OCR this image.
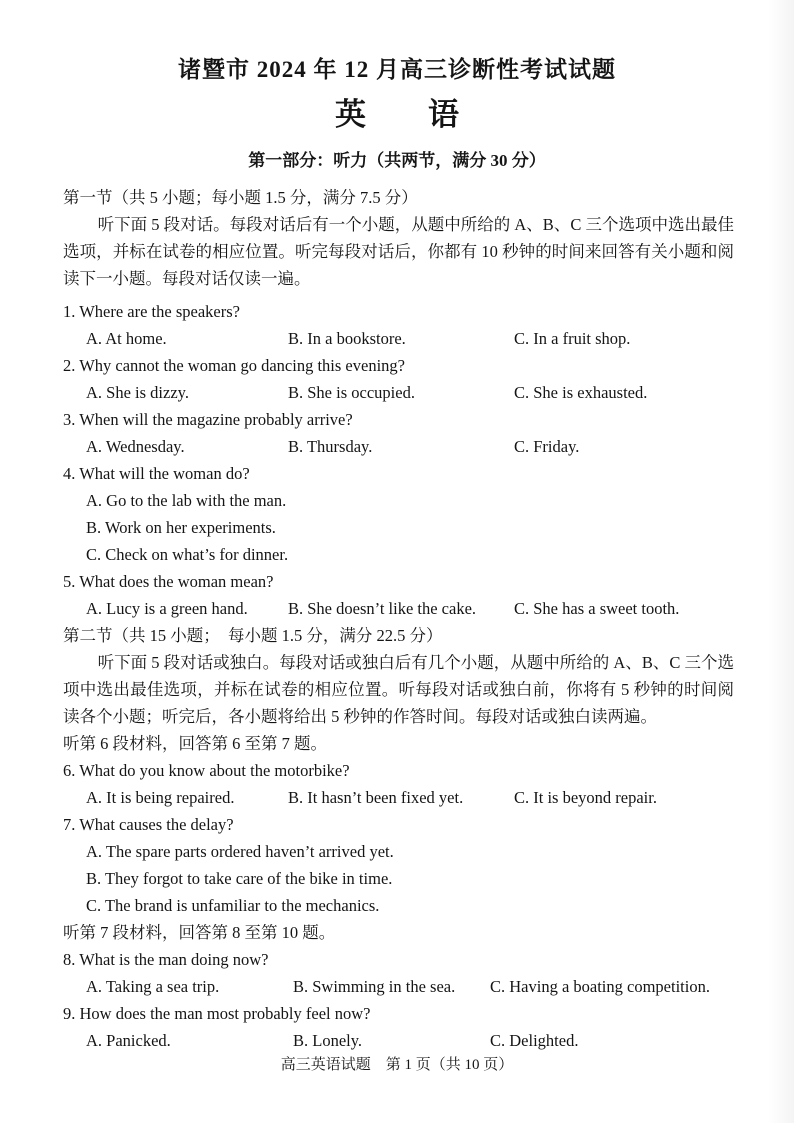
诸暨市 2024 年 12 月高三诊断性考试试题
英　　语
第一部分：听力（共两节，满分 30 分）
第一节（共 5 小题；每小题 1.5 分，满分 7.5 分）

听下面 5 段对话。每段对话后有一个小题，从题中所给的 A、B、C 三个选项中选出最佳选项，并标在试卷的相应位置。听完每段对话后，你都有 10 秒钟的时间来回答有关小题和阅读下一小题。每段对话仅读一遍。

1. Where are the speakers?
A. At home.	B. In a bookstore.	C. In a fruit shop.
2. Why cannot the woman go dancing this evening?
A. She is dizzy.	B. She is occupied.	C. She is exhausted.
3. When will the magazine probably arrive?
A. Wednesday.	B. Thursday.	C. Friday.
4. What will the woman do?
A. Go to the lab with the man.
B. Work on her experiments.
C. Check on what’s for dinner.
5. What does the woman mean?
A. Lucy is a green hand.	B. She doesn’t like the cake.	C. She has a sweet tooth.
第二节（共 15 小题；　每小题 1.5 分，满分 22.5 分）

听下面 5 段对话或独白。每段对话或独白后有几个小题，从题中所给的 A、B、C 三个选项中选出最佳选项，并标在试卷的相应位置。听每段对话或独白前，你将有 5 秒钟的时间阅读各个小题；听完后，各小题将给出 5 秒钟的作答时间。每段对话或独白读两遍。

听第 6 段材料，回答第 6 至第 7 题。
6. What do you know about the motorbike?
A. It is being repaired.	B. It hasn’t been fixed yet.	C. It is beyond repair.
7. What causes the delay?
A. The spare parts ordered haven’t arrived yet.
B. They forgot to take care of the bike in time.
C. The brand is unfamiliar to the mechanics.
听第 7 段材料，回答第 8 至第 10 题。
8. What is the man doing now?
A. Taking a sea trip.	B. Swimming in the sea.	C. Having a boating competition.
9. How does the man most probably feel now?
A. Panicked.	B. Lonely.	C. Delighted.
高三英语试题　第 1 页（共 10 页）
